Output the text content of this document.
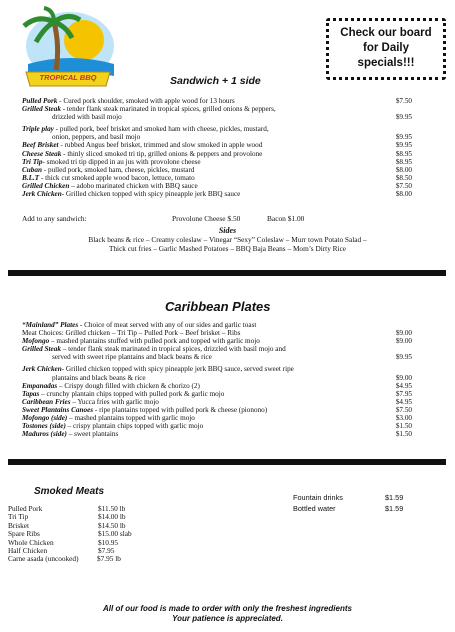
TROPICAL BBQ
Check our board
for Daily
specials!!!
Sandwich + 1 side
Pulled Pork - Cured pork shoulder, smoked with apple wood for 13 hours	$7.50
Grilled Steak - tender flank steak marinated in tropical spices, grilled onions & peppers,
drizzled with basil mojo	$9.95
Triple play - pulled pork, beef brisket and smoked ham with cheese, pickles, mustard,
onion, peppers, and basil mojo	$9.95
Beef Brisket - rubbed Angus beef brisket, trimmed and slow smoked in apple wood	$9.95
Cheese Steak - thinly sliced smoked tri tip, grilled onions & peppers and provolone	$8.95
Tri Tip- smoked tri tip dipped in au jus with provolone cheese	$8.95
Cuban - pulled pork, smoked ham, cheese, pickles, mustard	$8.00
B.L.T - thick cut smoked apple wood bacon, lettuce, tomato	$8.50
Grilled Chicken – adobo marinated chicken with BBQ sauce	$7.50
Jerk Chicken- Grilled chicken topped with spicy pineapple jerk BBQ sauce	$8.00
Add to any sandwich:	Provolone Cheese $.50	Bacon $1.00
Sides
Black beans & rice – Creamy coleslaw – Vinegar “Sexy” Coleslaw – Murr town Potato Salad –
Thick cut fries – Garlic Mashed Potatoes – BBQ Baja Beans – Mom’s Dirty Rice
Caribbean Plates
“Mainland” Plates - Choice of meat served with any of our sides and garlic toast
Meat Choices: Grilled chicken – Tri Tip – Pulled Pork – Beef brisket – Ribs	$9.00
Mofongo – mashed plantains stuffed with pulled pork and topped with garlic mojo	$9.00
Grilled Steak – tender flank steak marinated in tropical spices, drizzled with basil mojo and
served with sweet ripe plantains and black beans & rice	$9.95
Jerk Chicken- Grilled chicken topped with spicy pineapple jerk BBQ sauce, served sweet ripe
plantains and black beans & rice	$9.00
Empanadas – Crispy dough filled with chicken & chorizo (2)	$4.95
Tapas – crunchy plantain chips topped with pulled pork & garlic mojo	$7.95
Caribbean Fries – Yucca fries with garlic mojo	$4.95
Sweet Plantains Canoes - ripe plantains topped with pulled pork & cheese (pionono)	$7.50
Mofongo (side) – mashed plantains topped with garlic mojo	$3.00
Tostones (side) – crispy plantain chips topped with garlic mojo	$1.50
Maduros (side) – sweet plantains	$1.50
Smoked Meats
Pulled Pork	$11.50 lb
Tri Tip	$14.00 lb
Brisket	$14.50 lb
Spare Ribs	$15.00 slab
Whole Chicken	$10.95
Half Chicken	$7.95
Carne asada (uncooked)	$7.95 lb
Fountain drinks	$1.59
Bottled water	$1.59
All of our food is made to order with only the freshest ingredients
Your patience is appreciated.
